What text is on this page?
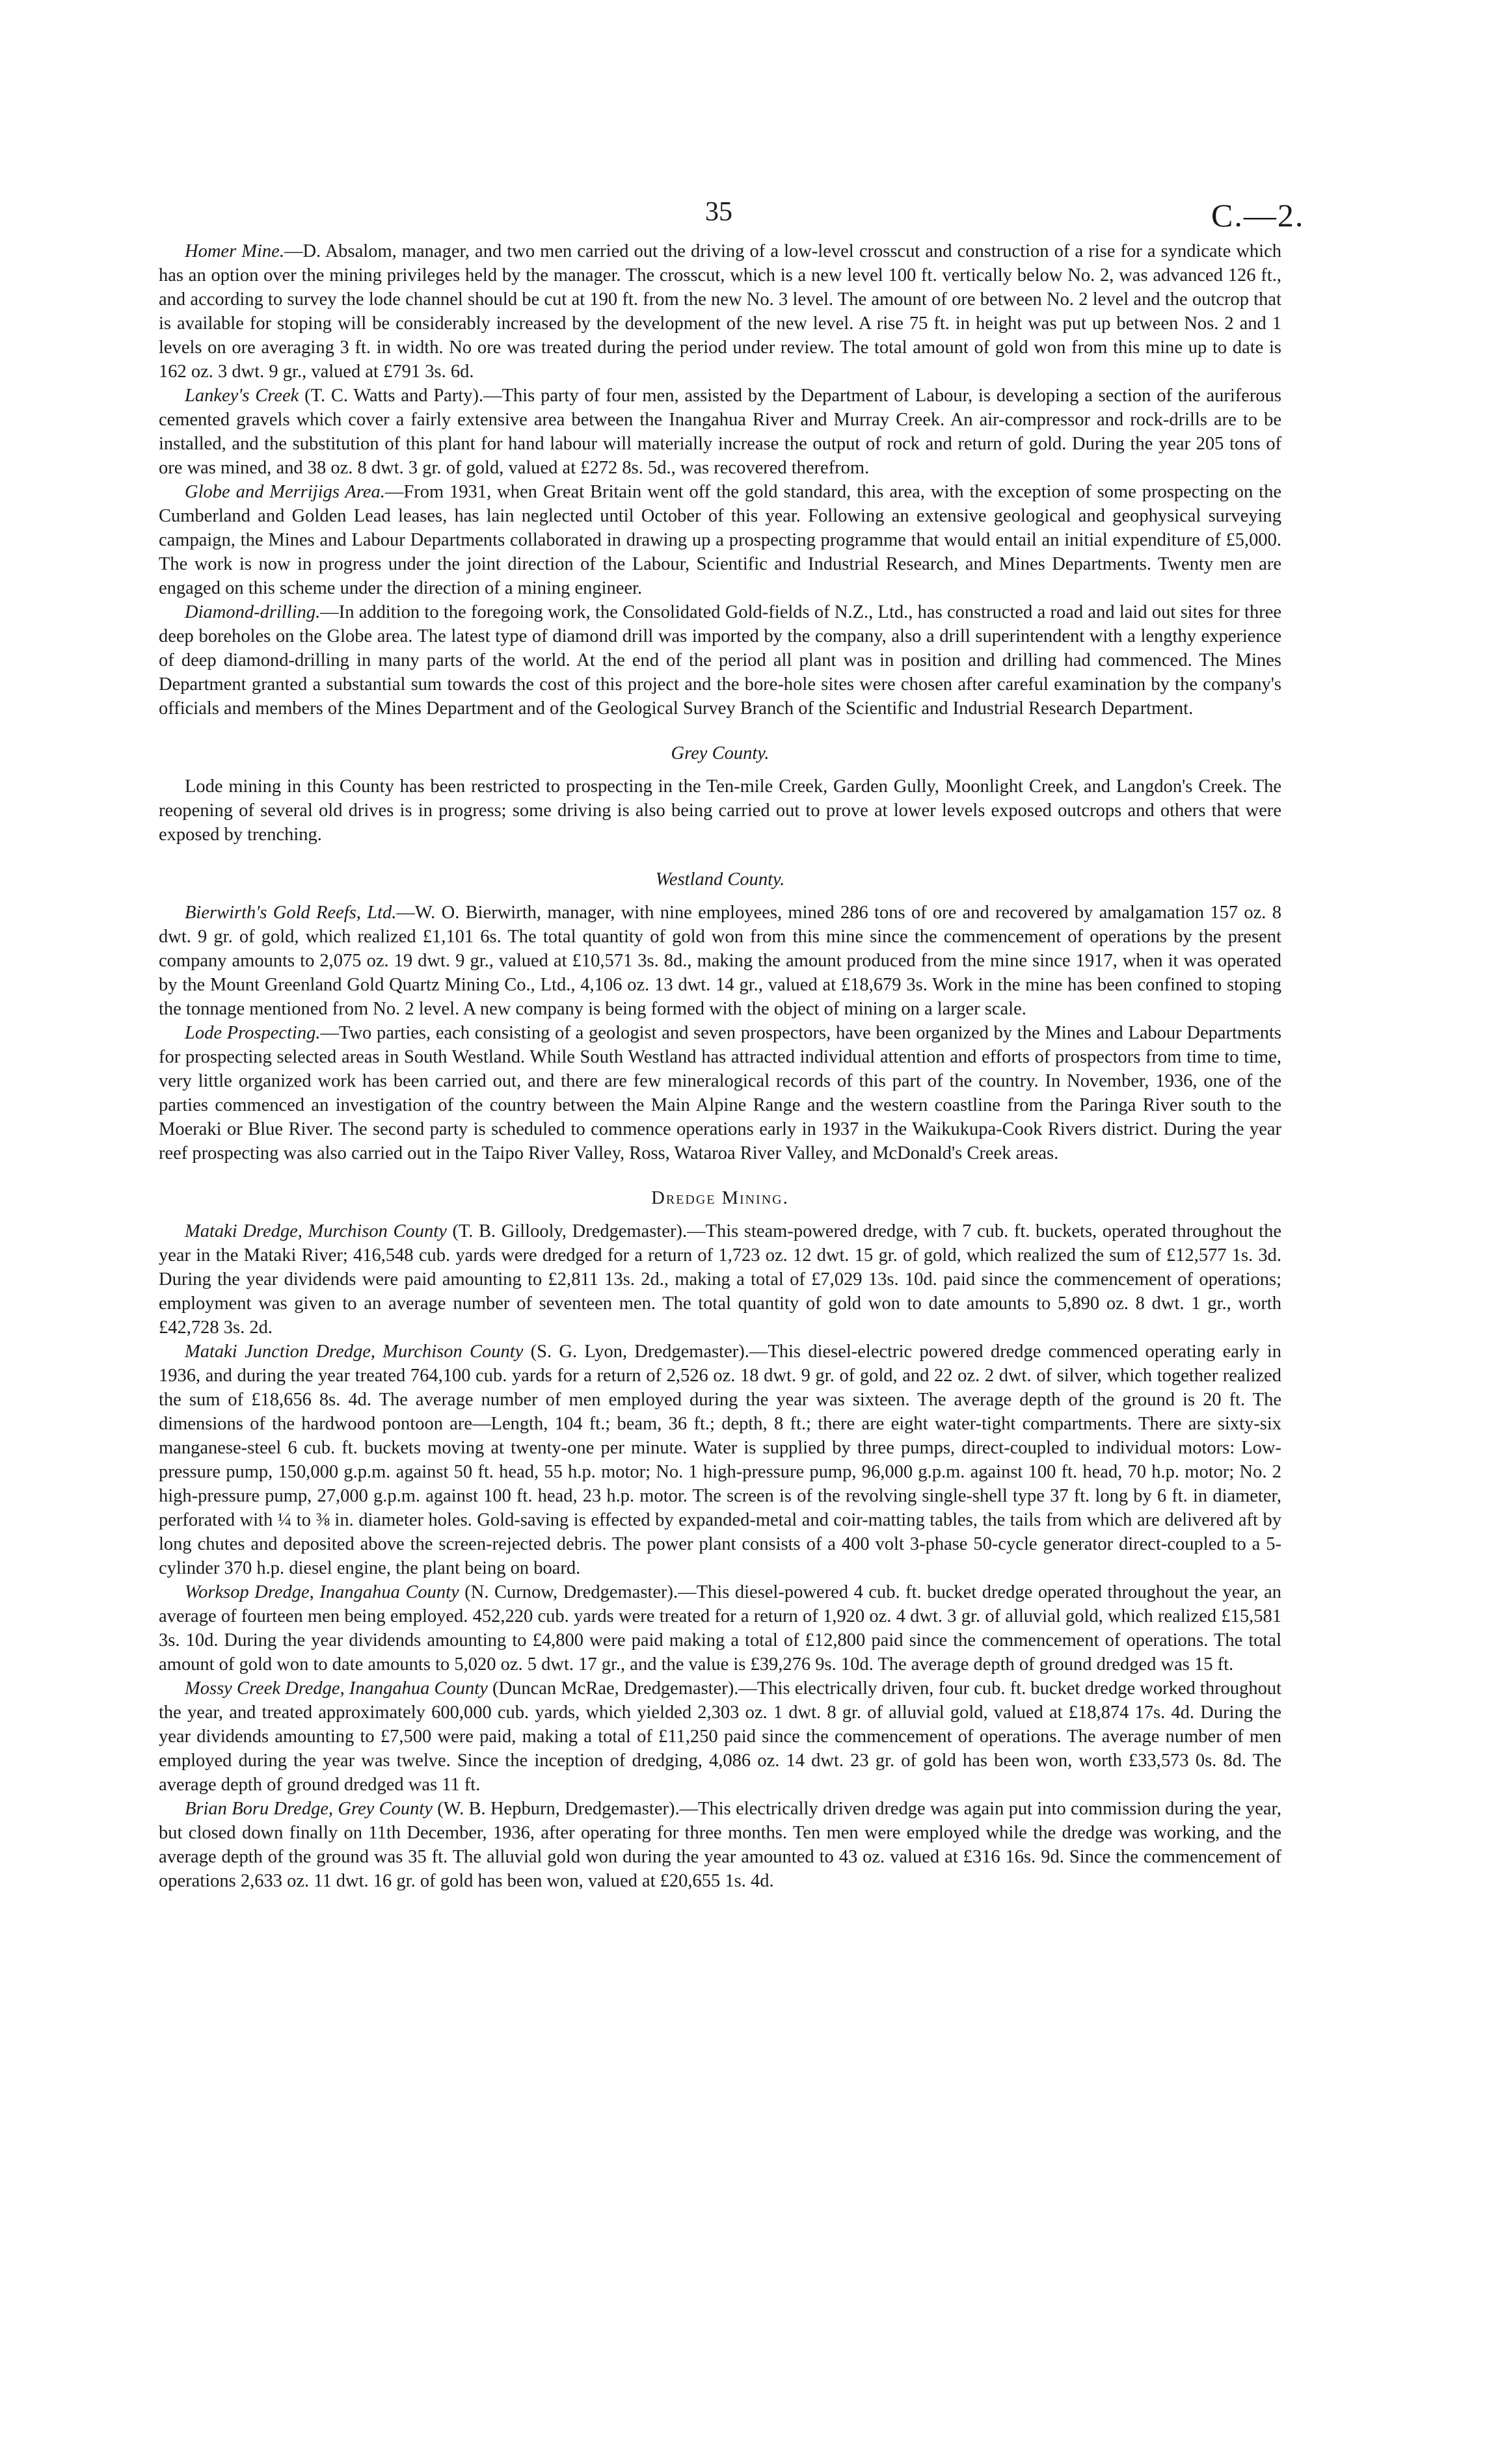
35	C.—2.

Homer Mine.—D. Absalom, manager, and two men carried out the driving of a low-level crosscut and construction of a rise for a syndicate which has an option over the mining privileges held by the manager. The crosscut, which is a new level 100 ft. vertically below No. 2, was advanced 126 ft., and according to survey the lode channel should be cut at 190 ft. from the new No. 3 level. The amount of ore between No. 2 level and the outcrop that is available for stoping will be considerably increased by the development of the new level. A rise 75 ft. in height was put up between Nos. 2 and 1 levels on ore averaging 3 ft. in width. No ore was treated during the period under review. The total amount of gold won from this mine up to date is 162 oz. 3 dwt. 9 gr., valued at £791 3s. 6d.

Lankey's Creek (T. C. Watts and Party).—This party of four men, assisted by the Department of Labour, is developing a section of the auriferous cemented gravels which cover a fairly extensive area between the Inangahua River and Murray Creek. An air-compressor and rock-drills are to be installed, and the substitution of this plant for hand labour will materially increase the output of rock and return of gold. During the year 205 tons of ore was mined, and 38 oz. 8 dwt. 3 gr. of gold, valued at £272 8s. 5d., was recovered therefrom.

Globe and Merrijigs Area.—From 1931, when Great Britain went off the gold standard, this area, with the exception of some prospecting on the Cumberland and Golden Lead leases, has lain neglected until October of this year. Following an extensive geological and geophysical surveying campaign, the Mines and Labour Departments collaborated in drawing up a prospecting programme that would entail an initial expenditure of £5,000. The work is now in progress under the joint direction of the Labour, Scientific and Industrial Research, and Mines Departments. Twenty men are engaged on this scheme under the direction of a mining engineer.

Diamond-drilling.—In addition to the foregoing work, the Consolidated Gold-fields of N.Z., Ltd., has constructed a road and laid out sites for three deep boreholes on the Globe area. The latest type of diamond drill was imported by the company, also a drill superintendent with a lengthy experience of deep diamond-drilling in many parts of the world. At the end of the period all plant was in position and drilling had commenced. The Mines Department granted a substantial sum towards the cost of this project and the bore-hole sites were chosen after careful examination by the company's officials and members of the Mines Department and of the Geological Survey Branch of the Scientific and Industrial Research Department.

Grey County.

Lode mining in this County has been restricted to prospecting in the Ten-mile Creek, Garden Gully, Moonlight Creek, and Langdon's Creek. The reopening of several old drives is in progress; some driving is also being carried out to prove at lower levels exposed outcrops and others that were exposed by trenching.

Westland County.

Bierwirth's Gold Reefs, Ltd.—W. O. Bierwirth, manager, with nine employees, mined 286 tons of ore and recovered by amalgamation 157 oz. 8 dwt. 9 gr. of gold, which realized £1,101 6s. The total quantity of gold won from this mine since the commencement of operations by the present company amounts to 2,075 oz. 19 dwt. 9 gr., valued at £10,571 3s. 8d., making the amount produced from the mine since 1917, when it was operated by the Mount Greenland Gold Quartz Mining Co., Ltd., 4,106 oz. 13 dwt. 14 gr., valued at £18,679 3s. Work in the mine has been confined to stoping the tonnage mentioned from No. 2 level. A new company is being formed with the object of mining on a larger scale.

Lode Prospecting.—Two parties, each consisting of a geologist and seven prospectors, have been organized by the Mines and Labour Departments for prospecting selected areas in South Westland. While South Westland has attracted individual attention and efforts of prospectors from time to time, very little organized work has been carried out, and there are few mineralogical records of this part of the country. In November, 1936, one of the parties commenced an investigation of the country between the Main Alpine Range and the western coastline from the Paringa River south to the Moeraki or Blue River. The second party is scheduled to commence operations early in 1937 in the Waikukupa-Cook Rivers district. During the year reef prospecting was also carried out in the Taipo River Valley, Ross, Wataroa River Valley, and McDonald's Creek areas.

Dredge Mining.

Mataki Dredge, Murchison County (T. B. Gillooly, Dredgemaster).—This steam-powered dredge, with 7 cub. ft. buckets, operated throughout the year in the Mataki River; 416,548 cub. yards were dredged for a return of 1,723 oz. 12 dwt. 15 gr. of gold, which realized the sum of £12,577 1s. 3d. During the year dividends were paid amounting to £2,811 13s. 2d., making a total of £7,029 13s. 10d. paid since the commencement of operations; employment was given to an average number of seventeen men. The total quantity of gold won to date amounts to 5,890 oz. 8 dwt. 1 gr., worth £42,728 3s. 2d.

Mataki Junction Dredge, Murchison County (S. G. Lyon, Dredgemaster).—This diesel-electric powered dredge commenced operating early in 1936, and during the year treated 764,100 cub. yards for a return of 2,526 oz. 18 dwt. 9 gr. of gold, and 22 oz. 2 dwt. of silver, which together realized the sum of £18,656 8s. 4d. The average number of men employed during the year was sixteen. The average depth of the ground is 20 ft. The dimensions of the hardwood pontoon are—Length, 104 ft.; beam, 36 ft.; depth, 8 ft.; there are eight water-tight compartments. There are sixty-six manganese-steel 6 cub. ft. buckets moving at twenty-one per minute. Water is supplied by three pumps, direct-coupled to individual motors: Low-pressure pump, 150,000 g.p.m. against 50 ft. head, 55 h.p. motor; No. 1 high-pressure pump, 96,000 g.p.m. against 100 ft. head, 70 h.p. motor; No. 2 high-pressure pump, 27,000 g.p.m. against 100 ft. head, 23 h.p. motor. The screen is of the revolving single-shell type 37 ft. long by 6 ft. in diameter, perforated with ¼ to ⅜ in. diameter holes. Gold-saving is effected by expanded-metal and coir-matting tables, the tails from which are delivered aft by long chutes and deposited above the screen-rejected debris. The power plant consists of a 400 volt 3-phase 50-cycle generator direct-coupled to a 5-cylinder 370 h.p. diesel engine, the plant being on board.

Worksop Dredge, Inangahua County (N. Curnow, Dredgemaster).—This diesel-powered 4 cub. ft. bucket dredge operated throughout the year, an average of fourteen men being employed. 452,220 cub. yards were treated for a return of 1,920 oz. 4 dwt. 3 gr. of alluvial gold, which realized £15,581 3s. 10d. During the year dividends amounting to £4,800 were paid making a total of £12,800 paid since the commencement of operations. The total amount of gold won to date amounts to 5,020 oz. 5 dwt. 17 gr., and the value is £39,276 9s. 10d. The average depth of ground dredged was 15 ft.

Mossy Creek Dredge, Inangahua County (Duncan McRae, Dredgemaster).—This electrically driven, four cub. ft. bucket dredge worked throughout the year, and treated approximately 600,000 cub. yards, which yielded 2,303 oz. 1 dwt. 8 gr. of alluvial gold, valued at £18,874 17s. 4d. During the year dividends amounting to £7,500 were paid, making a total of £11,250 paid since the commencement of operations. The average number of men employed during the year was twelve. Since the inception of dredging, 4,086 oz. 14 dwt. 23 gr. of gold has been won, worth £33,573 0s. 8d. The average depth of ground dredged was 11 ft.

Brian Boru Dredge, Grey County (W. B. Hepburn, Dredgemaster).—This electrically driven dredge was again put into commission during the year, but closed down finally on 11th December, 1936, after operating for three months. Ten men were employed while the dredge was working, and the average depth of the ground was 35 ft. The alluvial gold won during the year amounted to 43 oz. valued at £316 16s. 9d. Since the commencement of operations 2,633 oz. 11 dwt. 16 gr. of gold has been won, valued at £20,655 1s. 4d.
